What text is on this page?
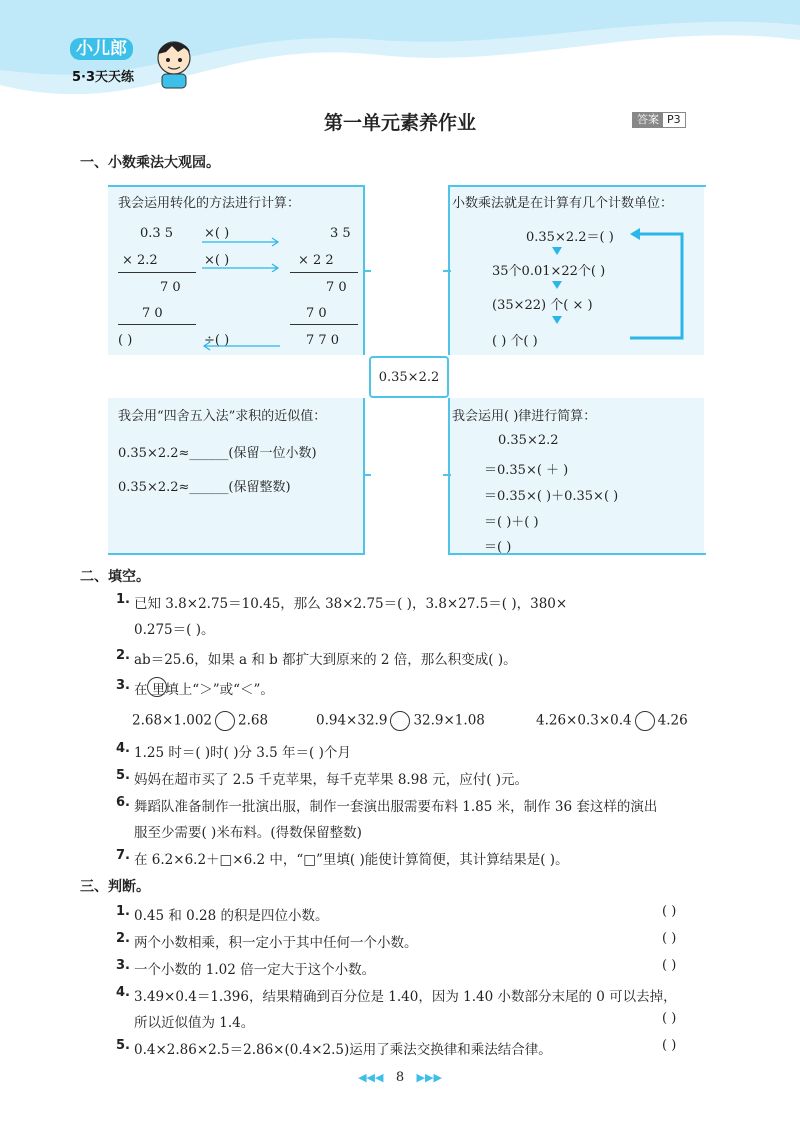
小儿郎
5·3天天练
第一单元素养作业	答案 P3
一、小数乘法大观园。
0.35×2.2
我会运用转化的方法进行计算：
0.3 5 ×( )	3 5
× 2.2	×( )	× 2 2
7 0	7 0
7 0	7 0
( )	÷( )	7 7 0
小数乘法就是在计算有几个计数单位：
0.35×2.2＝( )
35个0.01×22个( )
(35×22) 个( × )
( ) 个( )
我会用“四舍五入法”求积的近似值：
0.35×2.2≈______(保留一位小数)
0.35×2.2≈______(保留整数)
我会运用( )律进行简算：
0.35×2.2
＝0.35×( ＋ )
＝0.35×( )＋0.35×( )
＝( )＋( )
＝( )
二、填空。
1. 已知 3.8×2.75＝10.45，那么 38×2.75＝( )，3.8×27.5＝( )，380×
0.275＝( )。
2. ab＝25.6，如果 a 和 b 都扩大到原来的 2 倍，那么积变成( )。
3. 在 里填上“＞”或“＜”。
2.68×1.002 2.68	0.94×32.9 32.9×1.08	4.26×0.3×0.4 4.26
4. 1.25 时＝( )时( )分 3.5 年＝( )个月
5. 妈妈在超市买了 2.5 千克苹果，每千克苹果 8.98 元，应付( )元。
6. 舞蹈队准备制作一批演出服，制作一套演出服需要布料 1.85 米，制作 36 套这样的演出
服至少需要( )米布料。(得数保留整数)
7. 在 6.2×6.2＋□×6.2 中，“□”里填( )能使计算简便，其计算结果是( )。
三、判断。
1. 0.45 和 0.28 的积是四位小数。	( )
2. 两个小数相乘，积一定小于其中任何一个小数。	( )
3. 一个小数的 1.02 倍一定大于这个小数。	( )
4. 3.49×0.4＝1.396，结果精确到百分位是 1.40，因为 1.40 小数部分末尾的 0 可以去掉，
所以近似值为 1.4。	( )
5. 0.4×2.86×2.5＝2.86×(0.4×2.5)运用了乘法交换律和乘法结合律。	( )
◀◀◀ 8 ▶▶▶
